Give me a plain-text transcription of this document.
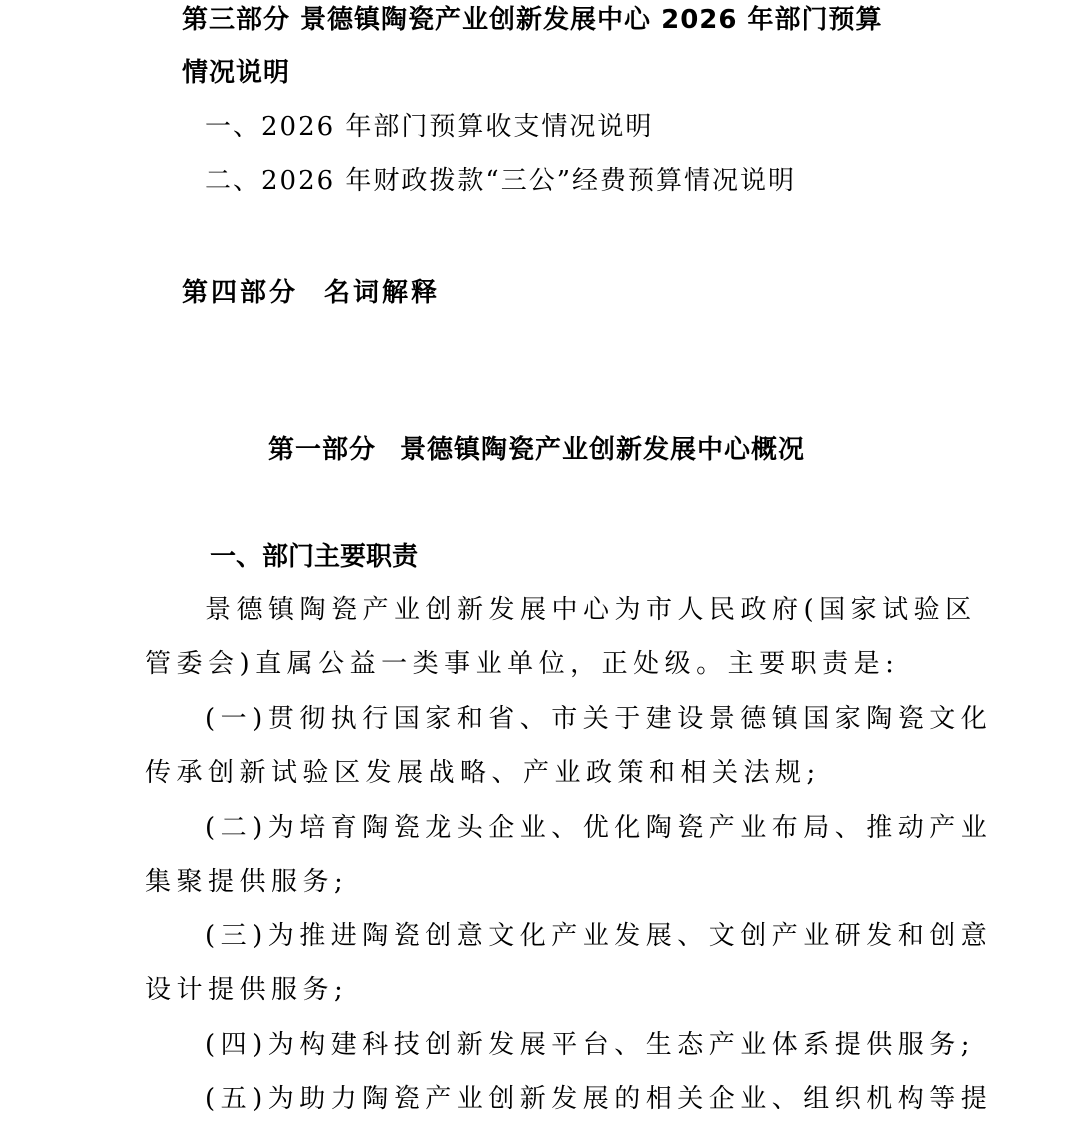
第三部分 景德镇陶瓷产业创新发展中心 2026 年部门预算
情况说明
一、2026 年部门预算收支情况说明
二、2026 年财政拨款“三公”经费预算情况说明
第四部分 名词解释
第一部分 景德镇陶瓷产业创新发展中心概况
一、部门主要职责
景德镇陶瓷产业创新发展中心为市人民政府(国家试验区
管委会)直属公益一类事业单位，正处级。主要职责是:
(一)贯彻执行国家和省、市关于建设景德镇国家陶瓷文化
传承创新试验区发展战略、产业政策和相关法规;
(二)为培育陶瓷龙头企业、优化陶瓷产业布局、推动产业
集聚提供服务;
(三)为推进陶瓷创意文化产业发展、文创产业研发和创意
设计提供服务;
(四)为构建科技创新发展平台、生态产业体系提供服务;
(五)为助力陶瓷产业创新发展的相关企业、组织机构等提
